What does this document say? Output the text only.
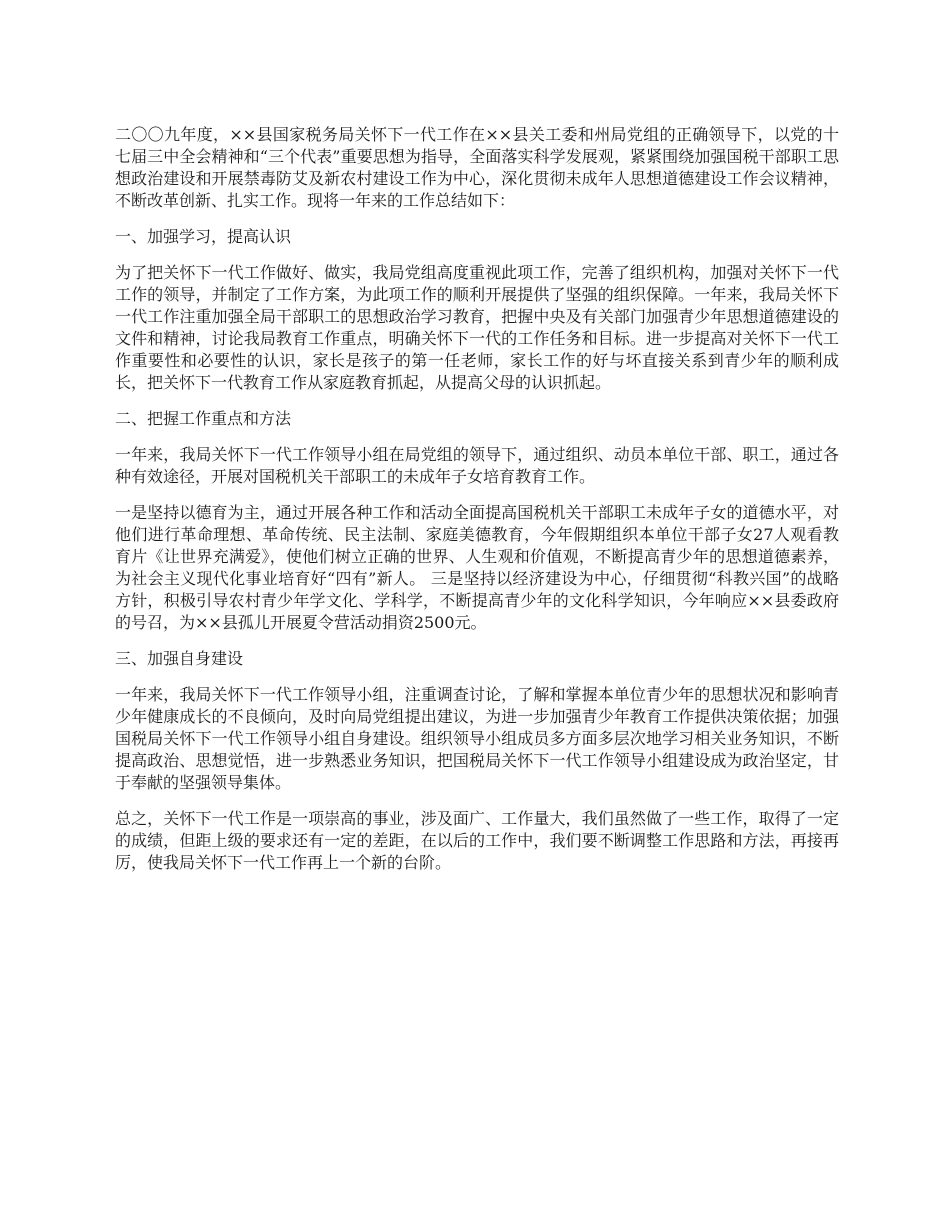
二〇〇九年度，××县国家税务局关怀下一代工作在××县关工委和州局党组的正确领导下，以党的十七届三中全会精神和“三个代表”重要思想为指导，全面落实科学发展观，紧紧围绕加强国税干部职工思想政治建设和开展禁毒防艾及新农村建设工作为中心，深化贯彻未成年人思想道德建设工作会议精神，不断改革创新、扎实工作。现将一年来的工作总结如下：

一、加强学习，提高认识

为了把关怀下一代工作做好、做实，我局党组高度重视此项工作，完善了组织机构，加强对关怀下一代工作的领导，并制定了工作方案，为此项工作的顺利开展提供了坚强的组织保障。一年来，我局关怀下一代工作注重加强全局干部职工的思想政治学习教育，把握中央及有关部门加强青少年思想道德建设的文件和精神，讨论我局教育工作重点，明确关怀下一代的工作任务和目标。进一步提高对关怀下一代工作重要性和必要性的认识，家长是孩子的第一任老师，家长工作的好与坏直接关系到青少年的顺利成长，把关怀下一代教育工作从家庭教育抓起，从提高父母的认识抓起。

二、把握工作重点和方法

一年来，我局关怀下一代工作领导小组在局党组的领导下，通过组织、动员本单位干部、职工，通过各种有效途径，开展对国税机关干部职工的未成年子女培育教育工作。

一是坚持以德育为主，通过开展各种工作和活动全面提高国税机关干部职工未成年子女的道德水平，对他们进行革命理想、革命传统、民主法制、家庭美德教育，今年假期组织本单位干部子女27人观看教育片《让世界充满爱》，使他们树立正确的世界、人生观和价值观，不断提高青少年的思想道德素养，为社会主义现代化事业培育好“四有”新人。 三是坚持以经济建设为中心，仔细贯彻“科教兴国”的战略方针，积极引导农村青少年学文化、学科学，不断提高青少年的文化科学知识，今年响应××县委政府的号召，为××县孤儿开展夏令营活动捐资2500元。

三、加强自身建设

一年来，我局关怀下一代工作领导小组，注重调查讨论，了解和掌握本单位青少年的思想状况和影响青少年健康成长的不良倾向，及时向局党组提出建议，为进一步加强青少年教育工作提供决策依据；加强国税局关怀下一代工作领导小组自身建设。组织领导小组成员多方面多层次地学习相关业务知识，不断提高政治、思想觉悟，进一步熟悉业务知识，把国税局关怀下一代工作领导小组建设成为政治坚定，甘于奉献的坚强领导集体。

总之，关怀下一代工作是一项崇高的事业，涉及面广、工作量大，我们虽然做了一些工作，取得了一定的成绩，但距上级的要求还有一定的差距，在以后的工作中，我们要不断调整工作思路和方法，再接再厉，使我局关怀下一代工作再上一个新的台阶。
